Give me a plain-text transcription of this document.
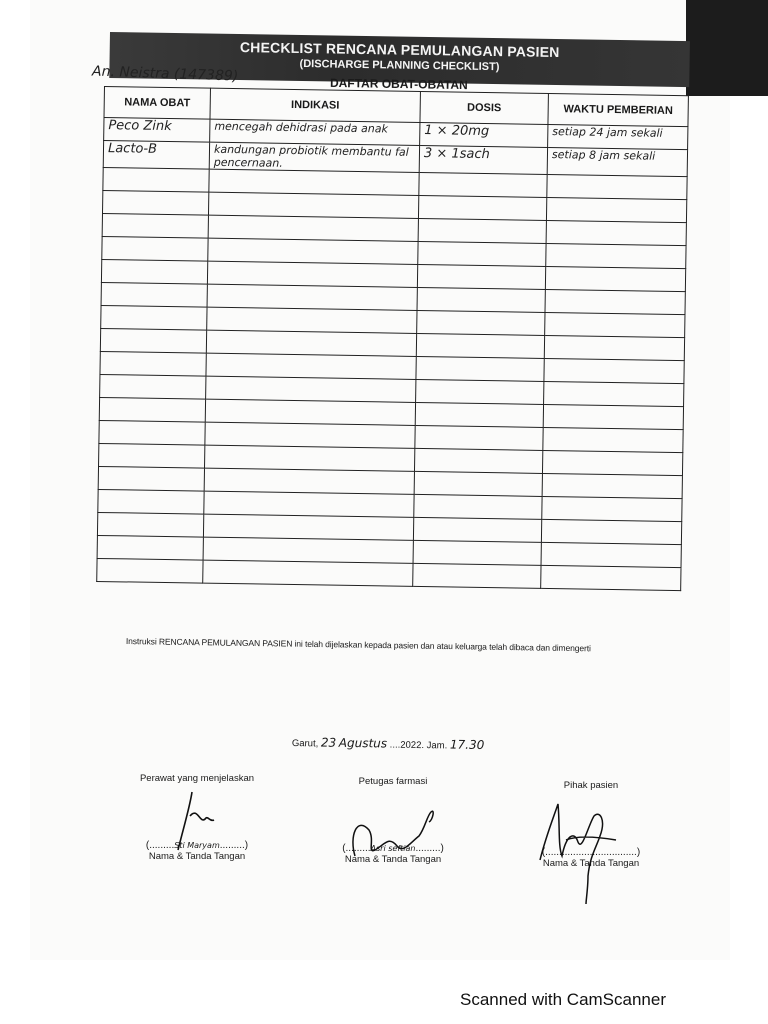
CHECKLIST RENCANA PEMULANGAN PASIEN
(DISCHARGE PLANNING CHECKLIST)
An. Neistra (147389)	DAFTAR OBAT-OBATAN
NAMA OBAT	INDIKASI	DOSIS	WAKTU PEMBERIAN
Peco Zink	mencegah dehidrasi pada anak	1 × 20mg	setiap 24 jam sekali
Lacto-B	kandungan probiotik membantu fal pencernaan.	3 × 1sach	setiap 8 jam sekali

Instruksi RENCANA PEMULANGAN PASIEN ini telah dijelaskan kepada pasien dan atau keluarga telah dibaca dan dimengerti
Garut, 23 Agustus ....2022. Jam. 17.30
Perawat yang menjelaskan
(.........Sti Maryam.........)
Nama & Tanda Tangan
Petugas farmasi
(.........Asri seftian.........)
Nama & Tanda Tangan
Pihak pasien
(.................................)
Nama & Tanda Tangan
Scanned with CamScanner
